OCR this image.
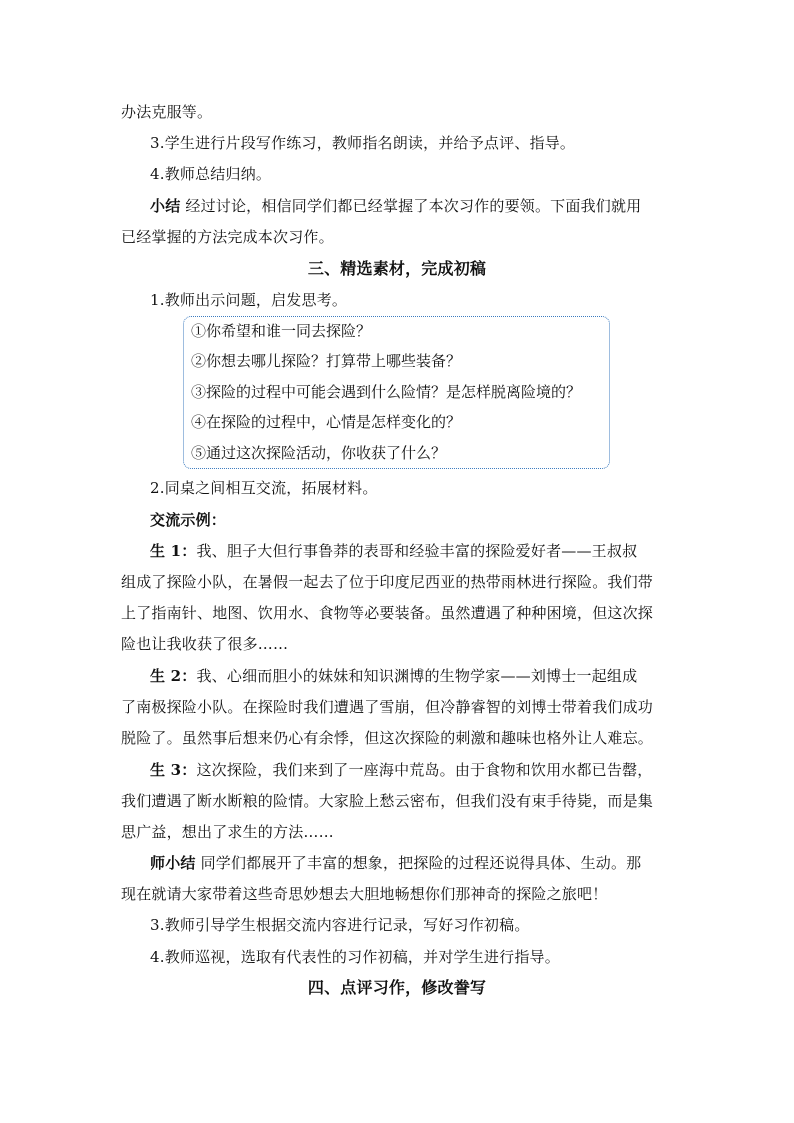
办法克服等。
3.学生进行片段写作练习，教师指名朗读，并给予点评、指导。
4.教师总结归纳。
小结 经过讨论，相信同学们都已经掌握了本次习作的要领。下面我们就用
已经掌握的方法完成本次习作。
三、精选素材，完成初稿
1.教师出示问题，启发思考。
①你希望和谁一同去探险？
②你想去哪儿探险？打算带上哪些装备？
③探险的过程中可能会遇到什么险情？是怎样脱离险境的？
④在探险的过程中，心情是怎样变化的？
⑤通过这次探险活动，你收获了什么？
2.同桌之间相互交流，拓展材料。
交流示例：
生 1：我、胆子大但行事鲁莽的表哥和经验丰富的探险爱好者——王叔叔
组成了探险小队，在暑假一起去了位于印度尼西亚的热带雨林进行探险。我们带
上了指南针、地图、饮用水、食物等必要装备。虽然遭遇了种种困境，但这次探
险也让我收获了很多……
生 2：我、心细而胆小的妹妹和知识渊博的生物学家——刘博士一起组成
了南极探险小队。在探险时我们遭遇了雪崩，但冷静睿智的刘博士带着我们成功
脱险了。虽然事后想来仍心有余悸，但这次探险的刺激和趣味也格外让人难忘。
生 3：这次探险，我们来到了一座海中荒岛。由于食物和饮用水都已告罄，
我们遭遇了断水断粮的险情。大家脸上愁云密布，但我们没有束手待毙，而是集
思广益，想出了求生的方法……
师小结 同学们都展开了丰富的想象，把探险的过程还说得具体、生动。那
现在就请大家带着这些奇思妙想去大胆地畅想你们那神奇的探险之旅吧！
3.教师引导学生根据交流内容进行记录，写好习作初稿。
4.教师巡视，选取有代表性的习作初稿，并对学生进行指导。
四、点评习作，修改誊写
